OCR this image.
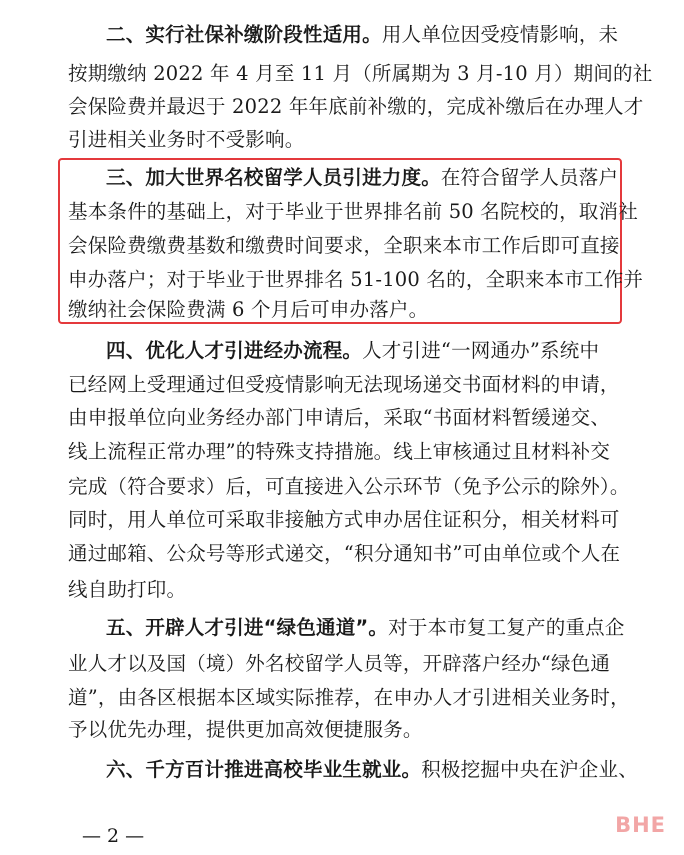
二、实行社保补缴阶段性适用。用人单位因受疫情影响，未
按期缴纳 2022 年 4 月至 11 月（所属期为 3 月-10 月）期间的社
会保险费并最迟于 2022 年年底前补缴的，完成补缴后在办理人才
引进相关业务时不受影响。
三、加大世界名校留学人员引进力度。在符合留学人员落户
基本条件的基础上，对于毕业于世界排名前 50 名院校的，取消社
会保险费缴费基数和缴费时间要求，全职来本市工作后即可直接
申办落户；对于毕业于世界排名 51-100 名的，全职来本市工作并
缴纳社会保险费满 6 个月后可申办落户。
四、优化人才引进经办流程。人才引进“一网通办”系统中
已经网上受理通过但受疫情影响无法现场递交书面材料的申请，
由申报单位向业务经办部门申请后，采取“书面材料暂缓递交、
线上流程正常办理”的特殊支持措施。线上审核通过且材料补交
完成（符合要求）后，可直接进入公示环节（免予公示的除外）。
同时，用人单位可采取非接触方式申办居住证积分，相关材料可
通过邮箱、公众号等形式递交，“积分通知书”可由单位或个人在
线自助打印。
五、开辟人才引进“绿色通道”。对于本市复工复产的重点企
业人才以及国（境）外名校留学人员等，开辟落户经办“绿色通
道”，由各区根据本区域实际推荐，在申办人才引进相关业务时，
予以优先办理，提供更加高效便捷服务。
六、千方百计推进高校毕业生就业。积极挖掘中央在沪企业、
— 2 —	BHE
